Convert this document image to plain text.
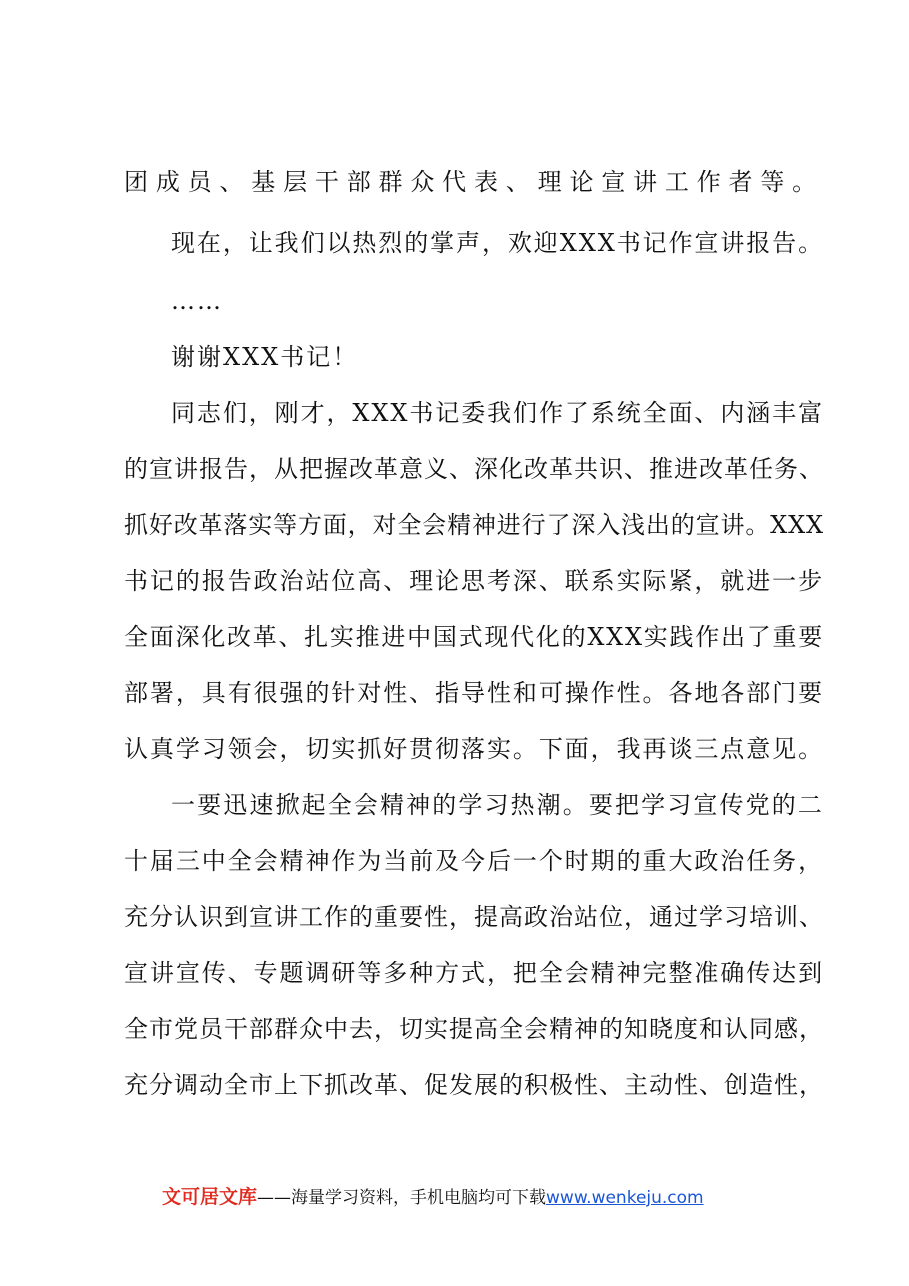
团成员、基层干部群众代表、理论宣讲工作者等。
现在，让我们以热烈的掌声，欢迎XXX书记作宣讲报告。
……
谢谢XXX书记！
同志们，刚才，XXX书记委我们作了系统全面、内涵丰富
的宣讲报告，从把握改革意义、深化改革共识、推进改革任务、
抓好改革落实等方面，对全会精神进行了深入浅出的宣讲。XXX
书记的报告政治站位高、理论思考深、联系实际紧，就进一步
全面深化改革、扎实推进中国式现代化的XXX实践作出了重要
部署，具有很强的针对性、指导性和可操作性。各地各部门要
认真学习领会，切实抓好贯彻落实。下面，我再谈三点意见。
一要迅速掀起全会精神的学习热潮。要把学习宣传党的二
十届三中全会精神作为当前及今后一个时期的重大政治任务，
充分认识到宣讲工作的重要性，提高政治站位，通过学习培训、
宣讲宣传、专题调研等多种方式，把全会精神完整准确传达到
全市党员干部群众中去，切实提高全会精神的知晓度和认同感，
充分调动全市上下抓改革、促发展的积极性、主动性、创造性，
文可居文库——海量学习资料，手机电脑均可下载www.wenkeju.com
